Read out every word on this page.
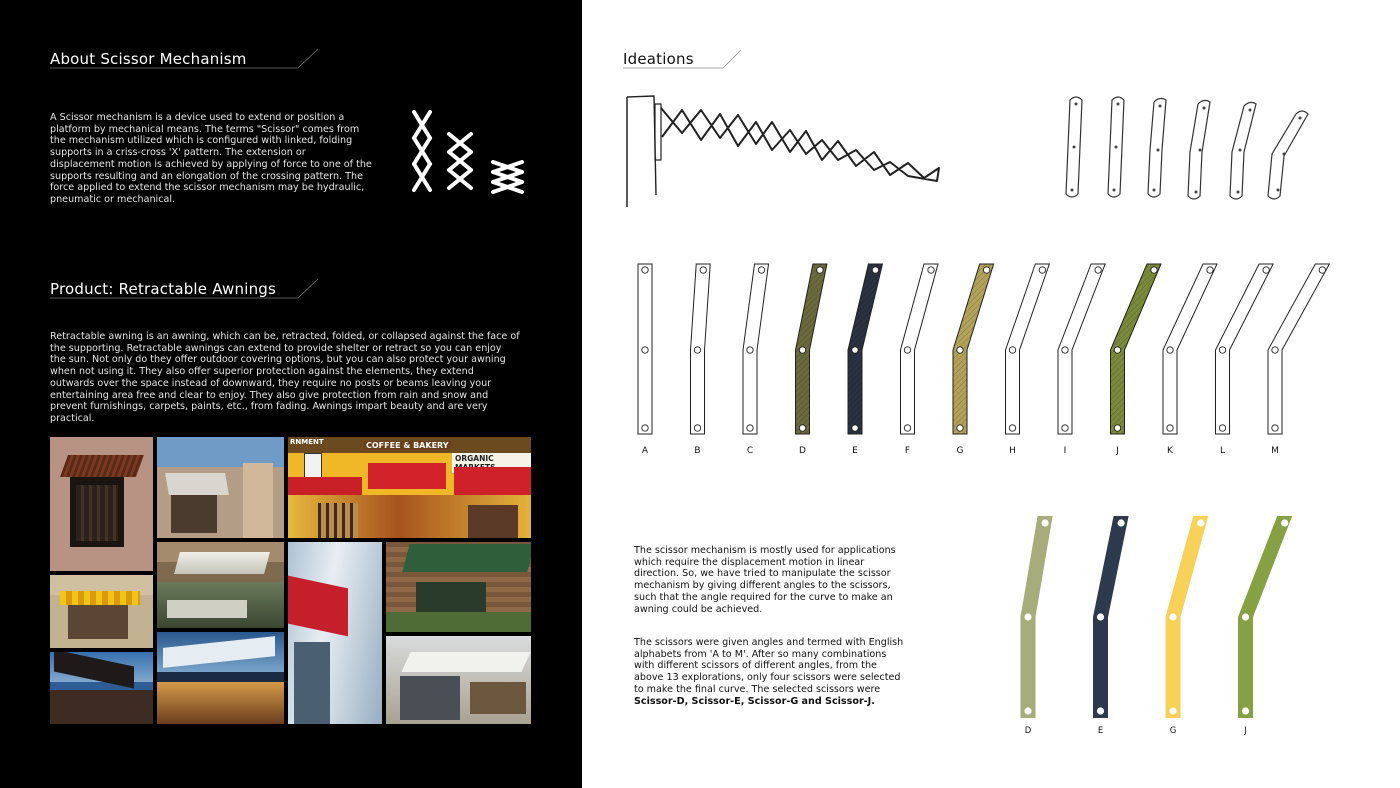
About Scissor Mechanism

A Scissor mechanism is a device used to extend or position a platform by mechanical means. The terms "Scissor" comes from the mechanism utilized which is configured with linked, folding supports in a criss-cross 'X' pattern. The extension or displacement motion is achieved by applying of force to one of the supports resulting and an elongation of the crossing pattern. The force applied to extend the scissor mechanism may be hydraulic, pneumatic or mechanical.

Product: Retractable Awnings

Retractable awning is an awning, which can be, retracted, folded, or collapsed against the face of the supporting. Retractable awnings can extend to provide shelter or retract so you can enjoy the sun. Not only do they offer outdoor covering options, but you can also protect your awning when not using it. They also offer superior protection against the elements, they extend outwards over the space instead of downward, they require no posts or beams leaving your entertaining area free and clear to enjoy. They also give protection from rain and snow and prevent furnishings, carpets, paints, etc., from fading. Awnings impart beauty and are very practical.

RNMENT	COFFEE & BAKERY
ORGANIC
Ideations
A	B	C	D	E	F	G	H	I	J	K	L	M

The scissor mechanism is mostly used for applications which require the displacement motion in linear direction. So, we have tried to manipulate the scissor mechanism by giving different angles to the scissors, such that the angle required for the curve to make an awning could be achieved.

The scissors were given angles and termed with English alphabets from 'A to M'. After so many combinations with different scissors of different angles, from the above 13 explorations, only four scissors were selected to make the final curve. The selected scissors were Scissor-D, Scissor-E, Scissor-G and Scissor-J.

D	E	G	J
